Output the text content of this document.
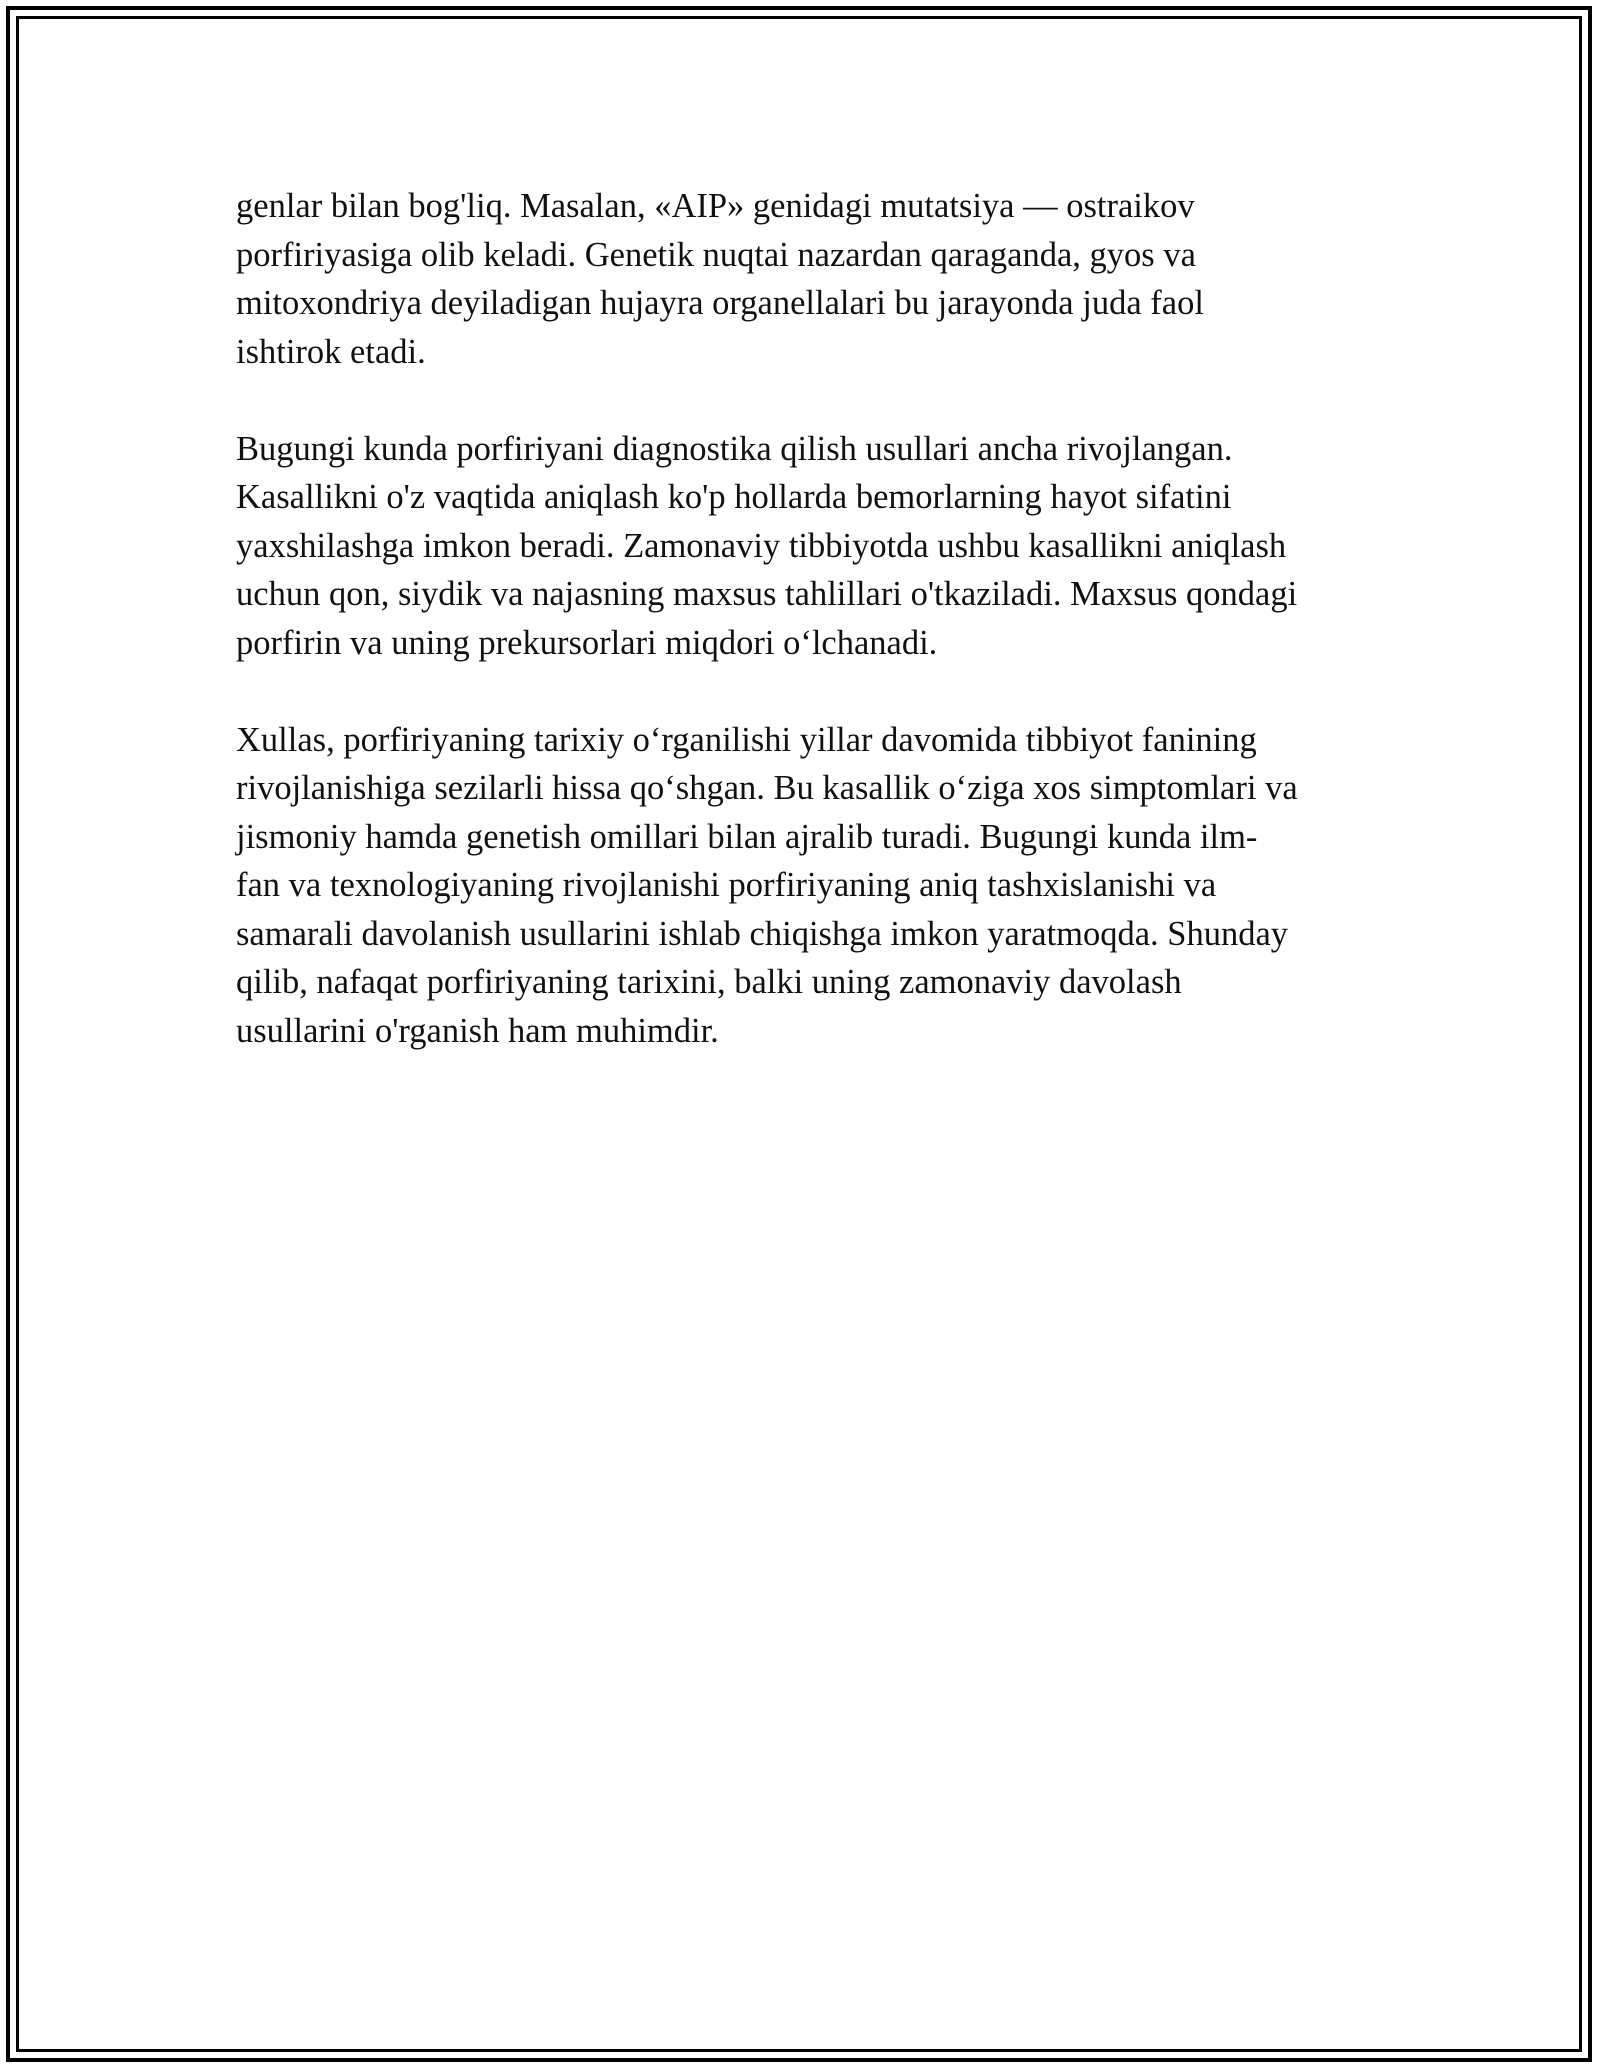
genlar bilan bog'liq. Masalan, «AIP» genidagi mutatsiya — ostraikov
porfiriyasiga olib keladi. Genetik nuqtai nazardan qaraganda, gyos va
mitoxondriya deyiladigan hujayra organellalari bu jarayonda juda faol
ishtirok etadi.

Bugungi kunda porfiriyani diagnostika qilish usullari ancha rivojlangan.
Kasallikni o'z vaqtida aniqlash ko'p hollarda bemorlarning hayot sifatini
yaxshilashga imkon beradi. Zamonaviy tibbiyotda ushbu kasallikni aniqlash
uchun qon, siydik va najasning maxsus tahlillari o'tkaziladi. Maxsus qondagi
porfirin va uning prekursorlari miqdori o‘lchanadi.

Xullas, porfiriyaning tarixiy o‘rganilishi yillar davomida tibbiyot fanining
rivojlanishiga sezilarli hissa qo‘shgan. Bu kasallik o‘ziga xos simptomlari va
jismoniy hamda genetish omillari bilan ajralib turadi. Bugungi kunda ilm-
fan va texnologiyaning rivojlanishi porfiriyaning aniq tashxislanishi va
samarali davolanish usullarini ishlab chiqishga imkon yaratmoqda. Shunday
qilib, nafaqat porfiriyaning tarixini, balki uning zamonaviy davolash
usullarini o'rganish ham muhimdir.
